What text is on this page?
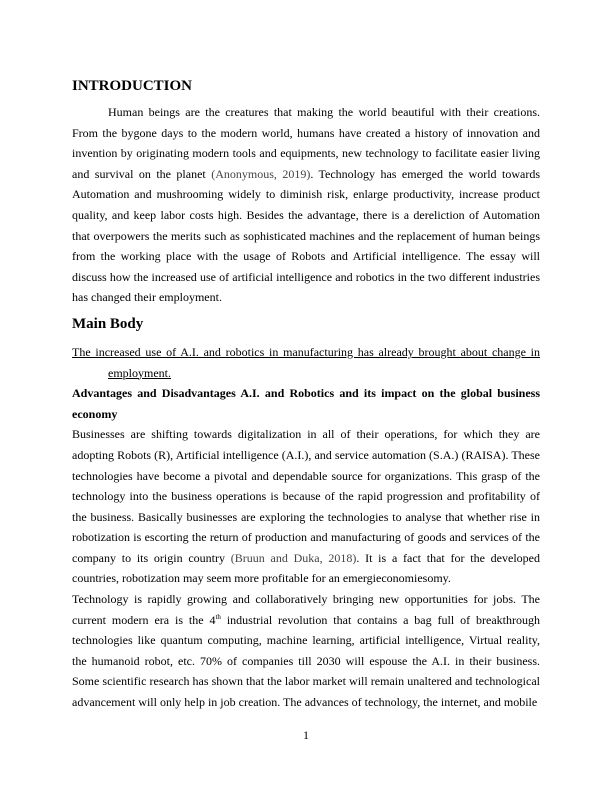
INTRODUCTION

Human beings are the creatures that making the world beautiful with their creations. From the bygone days to the modern world, humans have created a history of innovation and invention by originating modern tools and equipments, new technology to facilitate easier living and survival on the planet (Anonymous, 2019). Technology has emerged the world towards Automation and mushrooming widely to diminish risk, enlarge productivity, increase product quality, and keep labor costs high. Besides the advantage, there is a dereliction of Automation that overpowers the merits such as sophisticated machines and the replacement of human beings from the working place with the usage of Robots and Artificial intelligence. The essay will discuss how the increased use of artificial intelligence and robotics in the two different industries has changed their employment.

Main Body

The increased use of A.I. and robotics in manufacturing has already brought about change in employment.

Advantages and Disadvantages A.I. and Robotics and its impact on the global business economy

Businesses are shifting towards digitalization in all of their operations, for which they are adopting Robots (R), Artificial intelligence (A.I.), and service automation (S.A.) (RAISA). These technologies have become a pivotal and dependable source for organizations. This grasp of the technology into the business operations is because of the rapid progression and profitability of the business. Basically businesses are exploring the technologies to analyse that whether rise in robotization is escorting the return of production and manufacturing of goods and services of the company to its origin country (Bruun and Duka, 2018). It is a fact that for the developed countries, robotization may seem more profitable for an emergieconomiesomy.

Technology is rapidly growing and collaboratively bringing new opportunities for jobs. The current modern era is the 4th industrial revolution that contains a bag full of breakthrough technologies like quantum computing, machine learning, artificial intelligence, Virtual reality, the humanoid robot, etc. 70% of companies till 2030 will espouse the A.I. in their business. Some scientific research has shown that the labor market will remain unaltered and technological advancement will only help in job creation. The advances of technology, the internet, and mobile

1
